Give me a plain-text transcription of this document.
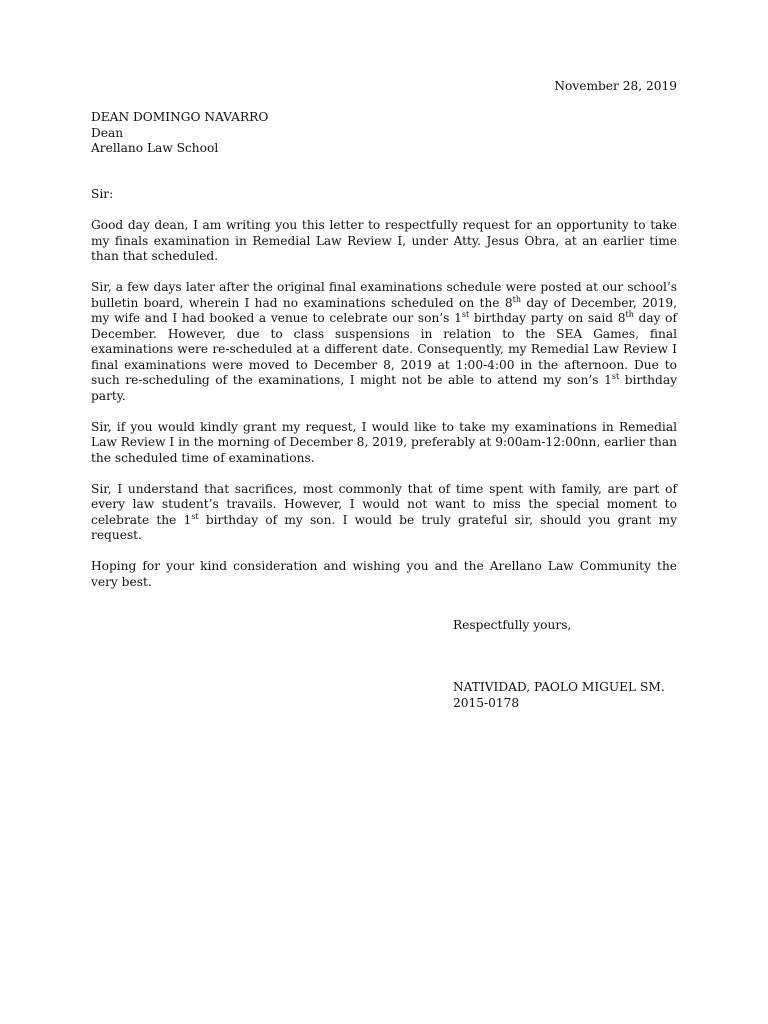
November 28, 2019

DEAN DOMINGO NAVARRO
Dean
Arellano Law School

Sir:

Good day dean, I am writing you this letter to respectfully request for an opportunity to take my finals examination in Remedial Law Review I, under Atty. Jesus Obra, at an earlier time than that scheduled.

Sir, a few days later after the original final examinations schedule were posted at our school’s bulletin board, wherein I had no examinations scheduled on the 8th day of December, 2019, my wife and I had booked a venue to celebrate our son’s 1st birthday party on said 8th day of December. However, due to class suspensions in relation to the SEA Games, final examinations were re-scheduled at a different date. Consequently, my Remedial Law Review I final examinations were moved to December 8, 2019 at 1:00-4:00 in the afternoon. Due to such re-scheduling of the examinations, I might not be able to attend my son’s 1st birthday party.

Sir, if you would kindly grant my request, I would like to take my examinations in Remedial Law Review I in the morning of December 8, 2019, preferably at 9:00am-12:00nn, earlier than the scheduled time of examinations.

Sir, I understand that sacrifices, most commonly that of time spent with family, are part of every law student’s travails. However, I would not want to miss the special moment to celebrate the 1st birthday of my son. I would be truly grateful sir, should you grant my request.

Hoping for your kind consideration and wishing you and the Arellano Law Community the very best.

Respectfully yours,

NATIVIDAD, PAOLO MIGUEL SM.
2015-0178
